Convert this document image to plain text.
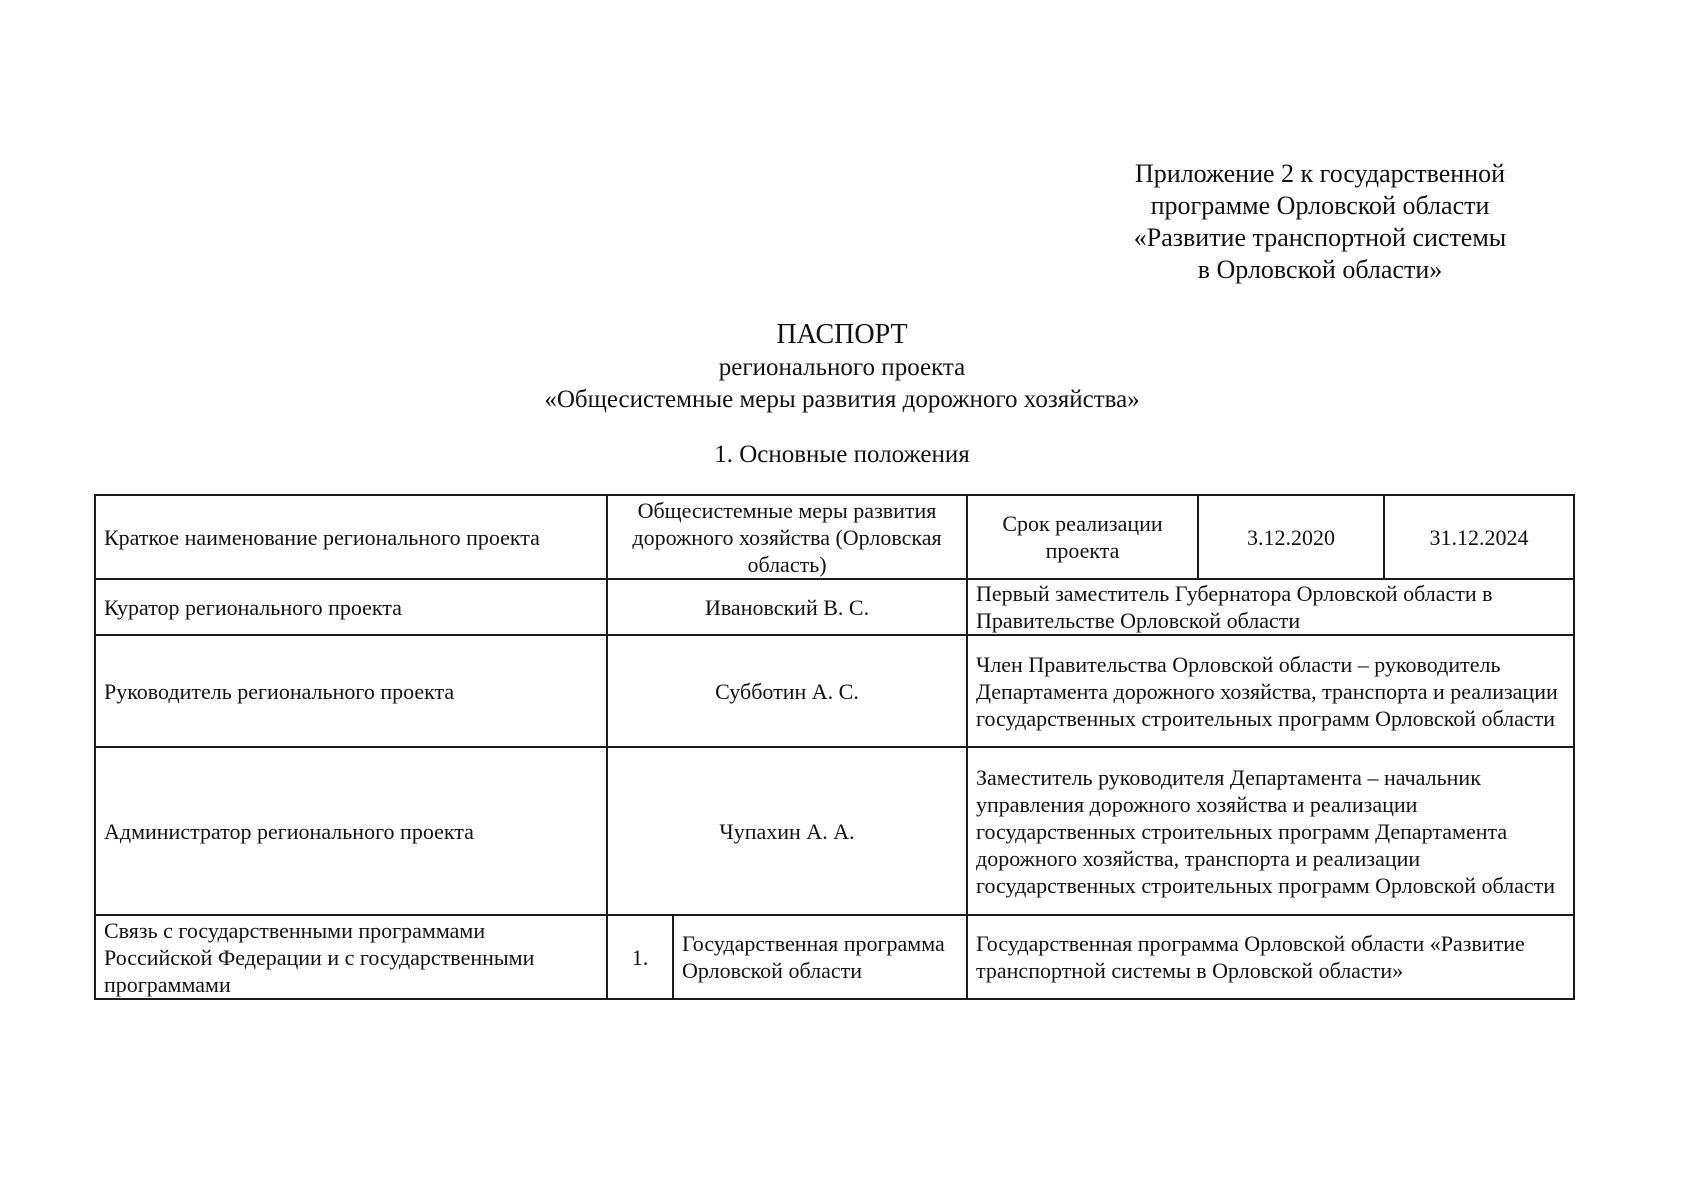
Приложение 2 к государственной
программе Орловской области
«Развитие транспортной системы
в Орловской области»
ПАСПОРТ
регионального проекта
«Общесистемные меры развития дорожного хозяйства»
1. Основные положения
Краткое наименование регионального проекта	Общесистемные меры развития дорожного хозяйства (Орловская область)		Срок реализации проекта	3.12.2020	31.12.2024
Куратор регионального проекта	Ивановский В. С.		Первый заместитель Губернатора Орловской области в Правительстве Орловской области		
Руководитель регионального проекта	Субботин А. С.		Член Правительства Орловской области – руководитель Департамента дорожного хозяйства, транспорта и реализации государственных строительных программ Орловской области		
Администратор регионального проекта	Чупахин А. А.		Заместитель руководителя Департамента – начальник управления дорожного хозяйства и реализации государственных строительных программ Департамента дорожного хозяйства, транспорта и реализации государственных строительных программ Орловской области		
Связь с государственными программами Российской Федерации и с государственными программами	1.	Государственная программа Орловской области	Государственная программа Орловской области «Развитие транспортной системы в Орловской области»		
